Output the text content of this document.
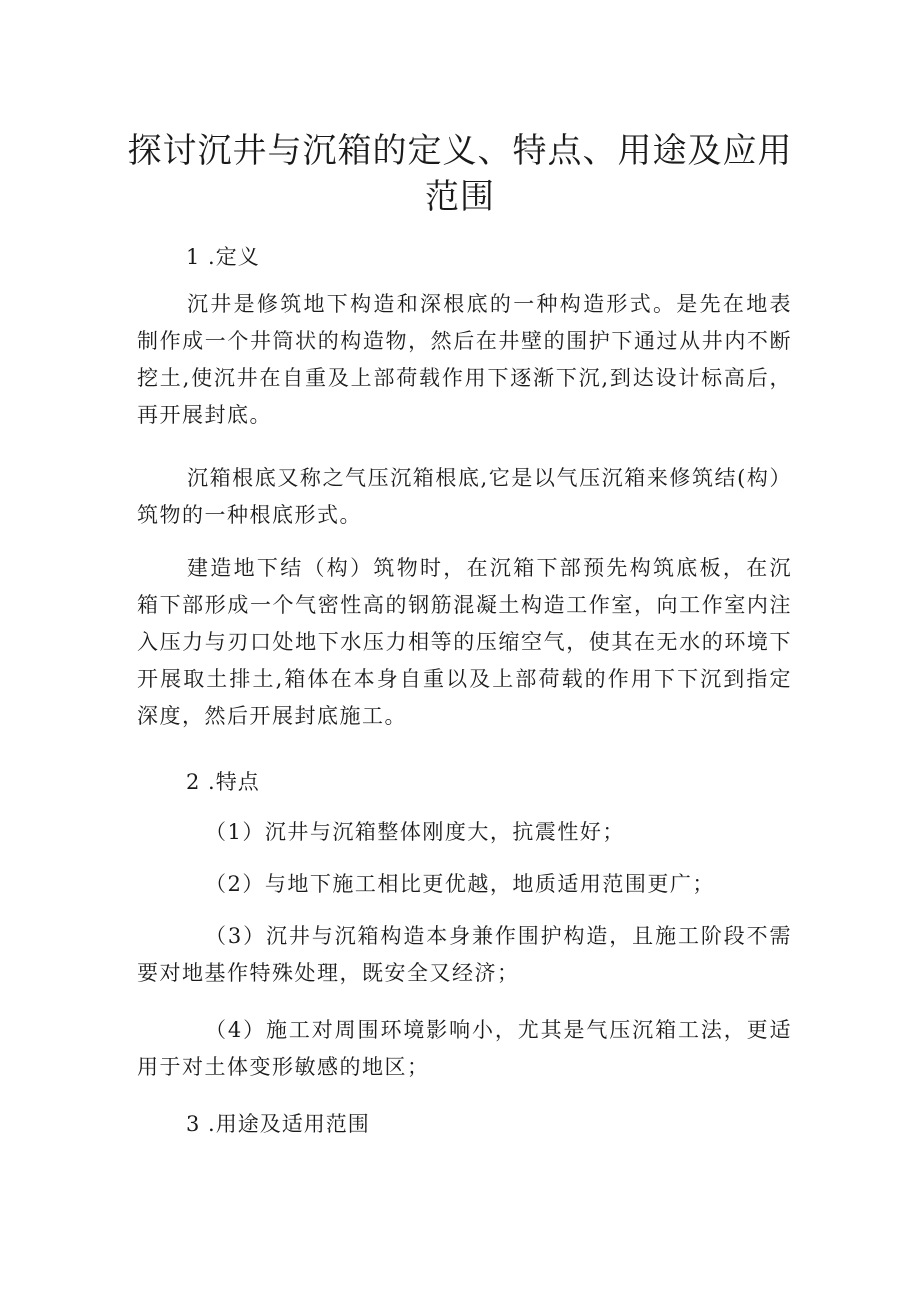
探讨沉井与沉箱的定义、特点、用途及应用
范围

1 .定义

沉井是修筑地下构造和深根底的一种构造形式。是先在地表制作成一个井筒状的构造物，然后在井壁的围护下通过从井内不断挖土,使沉井在自重及上部荷载作用下逐渐下沉,到达设计标高后，再开展封底。

沉箱根底又称之气压沉箱根底,它是以气压沉箱来修筑结(构）筑物的一种根底形式。

建造地下结（构）筑物时，在沉箱下部预先构筑底板，在沉箱下部形成一个气密性高的钢筋混凝土构造工作室，向工作室内注入压力与刃口处地下水压力相等的压缩空气，使其在无水的环境下开展取土排土,箱体在本身自重以及上部荷载的作用下下沉到指定深度，然后开展封底施工。

2 .特点

（1）沉井与沉箱整体刚度大，抗震性好；

（2）与地下施工相比更优越，地质适用范围更广；

（3）沉井与沉箱构造本身兼作围护构造，且施工阶段不需要对地基作特殊处理，既安全又经济；

（4）施工对周围环境影响小，尤其是气压沉箱工法，更适用于对土体变形敏感的地区；

3 .用途及适用范围
